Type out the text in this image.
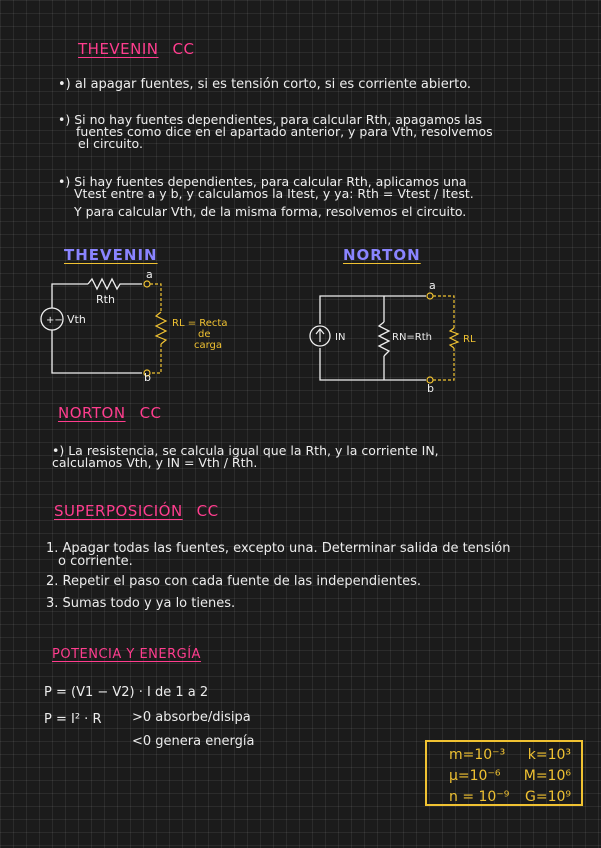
THEVENIN CC
•) al apagar fuentes, si es tensión corto, si es corriente abierto.
•) Si no hay fuentes dependientes, para calcular Rth, apagamos las
fuentes como dice en el apartado anterior, y para Vth, resolvemos
el circuito.
•) Si hay fuentes dependientes, para calcular Rth, aplicamos una
Vtest entre a y b, y calculamos la Itest, y ya: Rth = Vtest / Itest.
Y para calcular Vth, de la misma forma, resolvemos el circuito.
THEVENIN	NORTON
+−
a
b
Rth
Vth	RL = Recta
de
carga
a
b
IN	RN=Rth	RL
NORTON CC
•) La resistencia, se calcula igual que la Rth, y la corriente IN,
calculamos Vth, y IN = Vth / Rth.
SUPERPOSICIÓN CC
1. Apagar todas las fuentes, excepto una. Determinar salida de tensión
o corriente.
2. Repetir el paso con cada fuente de las independientes.
3. Sumas todo y ya lo tienes.
POTENCIA Y ENERGÍA
P = (V1 − V2) · I de 1 a 2
P = I² · R >0 absorbe/disipa
<0 genera energía
m=10⁻³ k=10³
µ=10⁻⁶ M=10⁶
n = 10⁻⁹ G=10⁹
